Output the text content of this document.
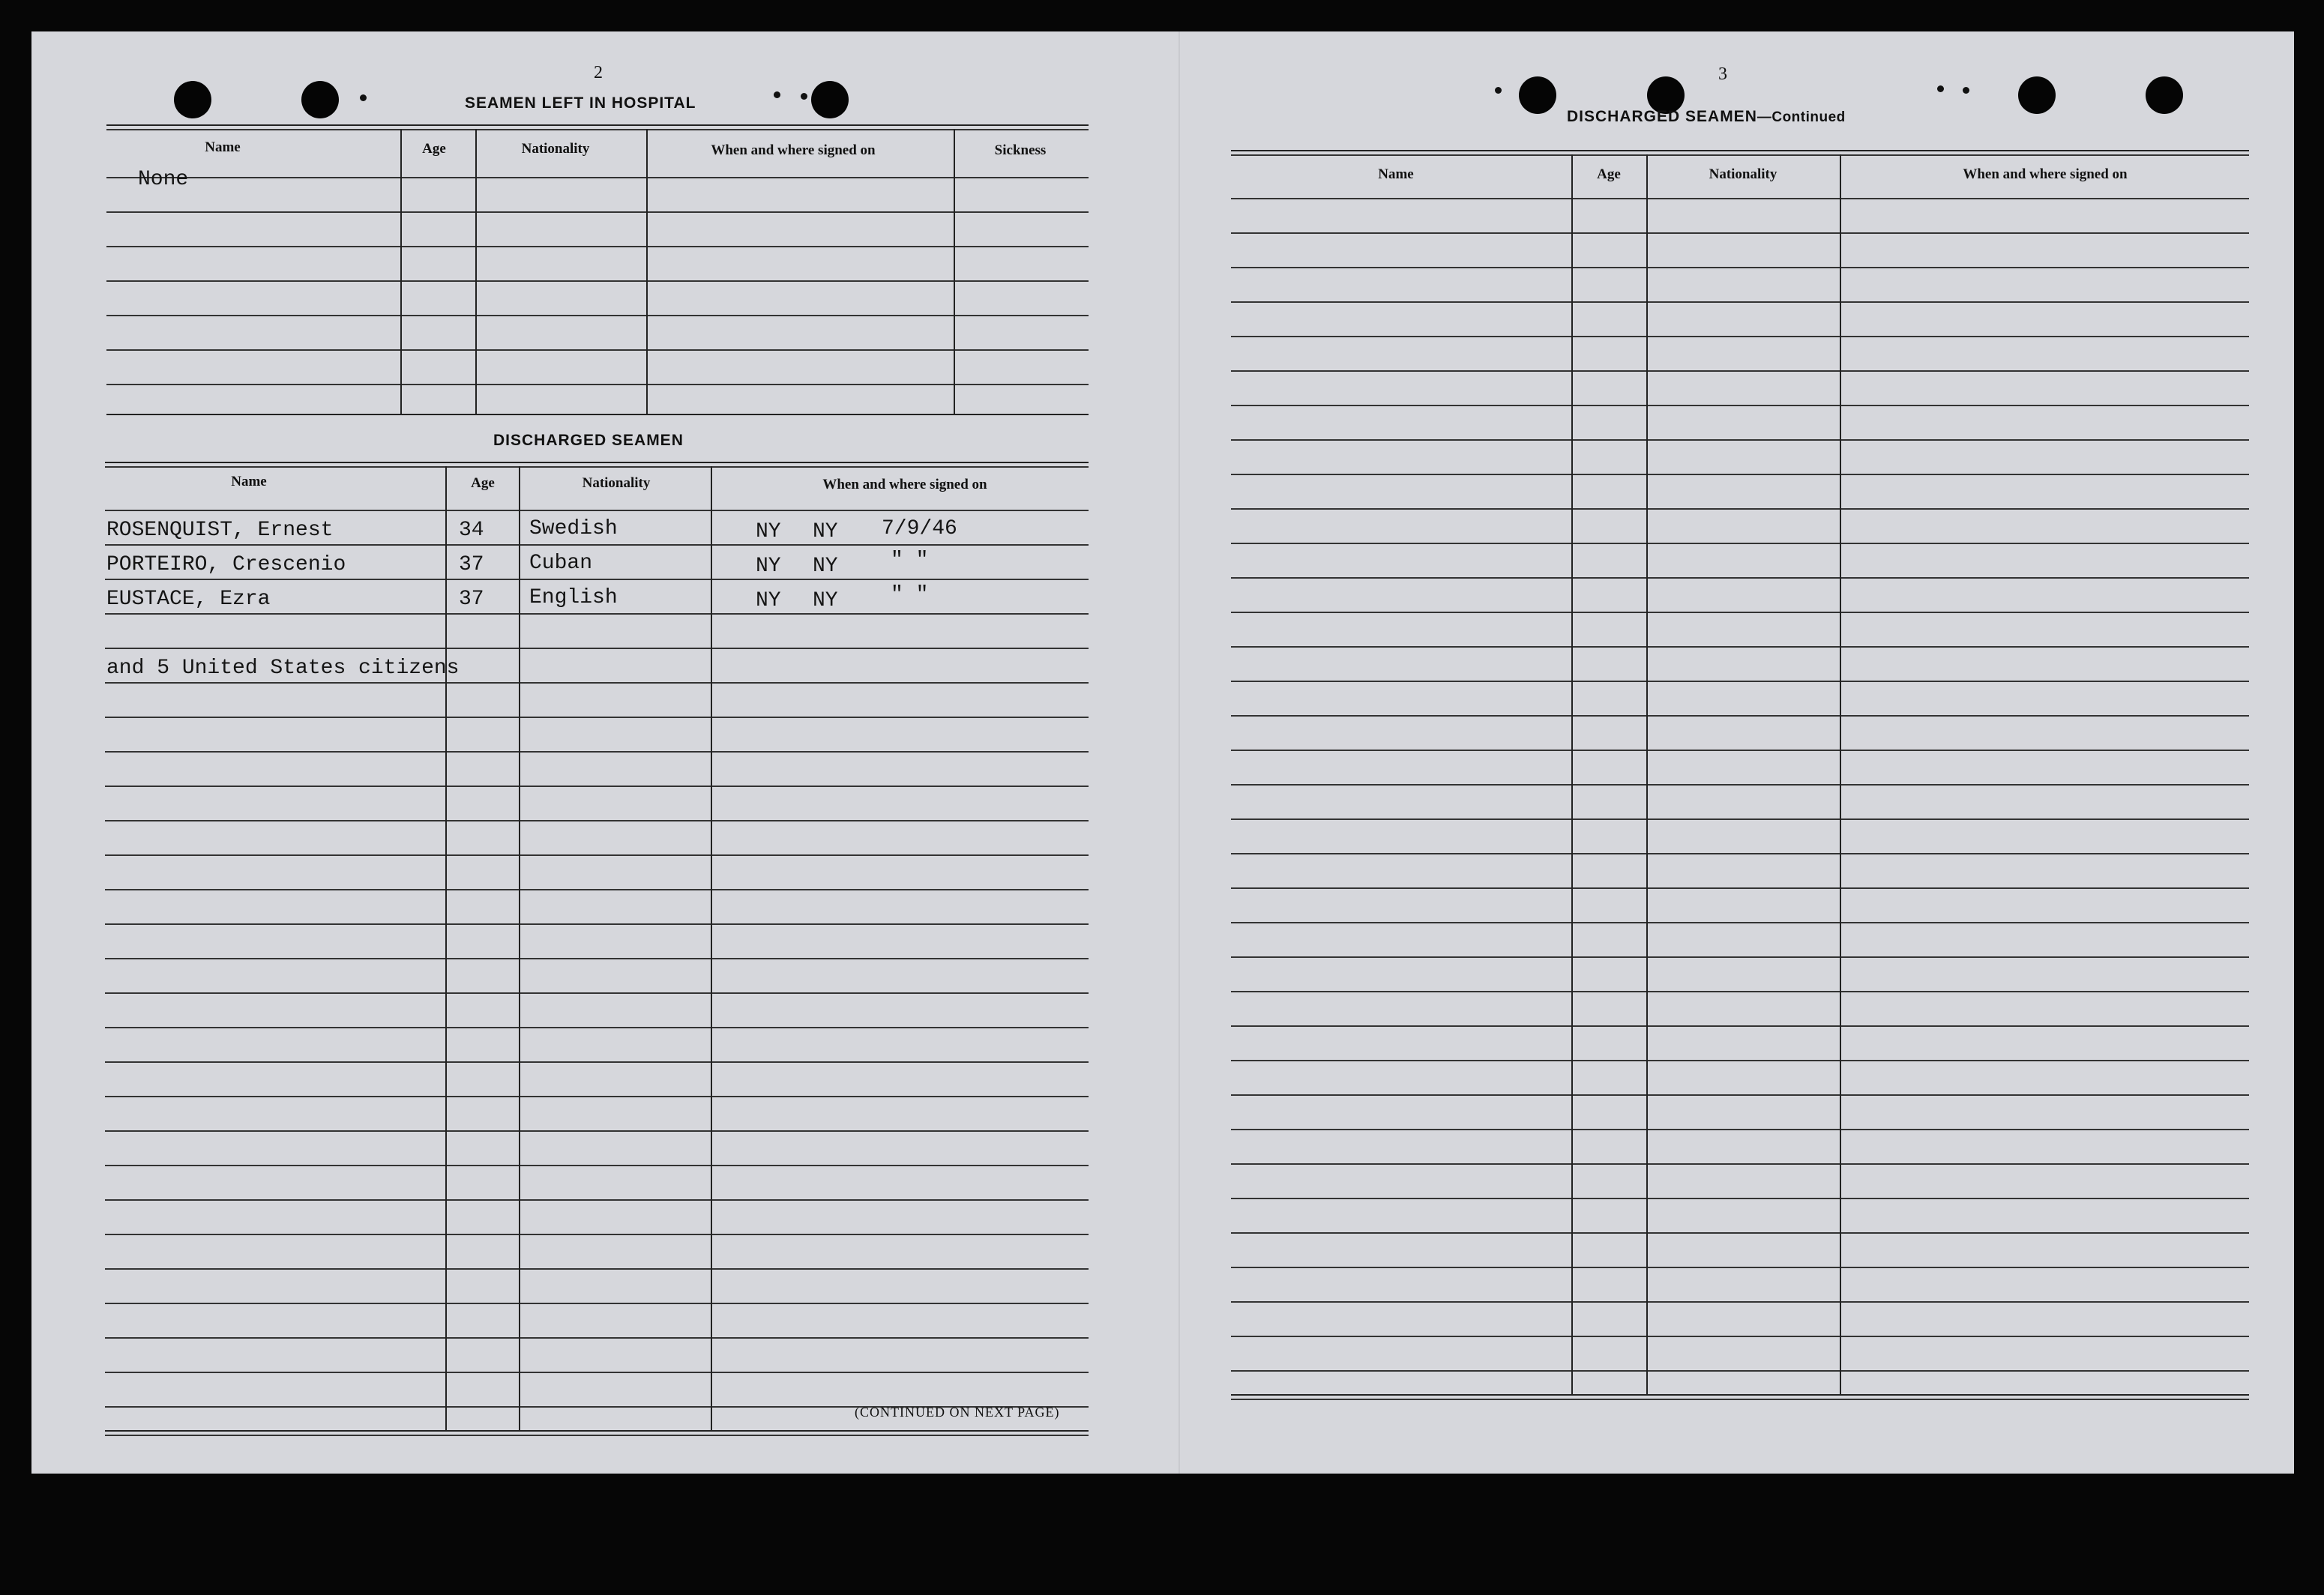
2
SEAMEN LEFT IN HOSPITAL
Name	Age	Nationality	When and where signed on	Sickness
None
DISCHARGED SEAMEN
Name	Age	Nationality	When and where signed on
ROSENQUIST, Ernest	34 Swedish	NY NY 7/9/46
PORTEIRO, Crescenio	37 Cuban	NY NY	" "
EUSTACE, Ezra	37 English	NY NY	" "
and 5 United States citizens
(CONTINUED ON NEXT PAGE)
3
DISCHARGED SEAMEN—Continued
Name	Age	Nationality	When and where signed on
